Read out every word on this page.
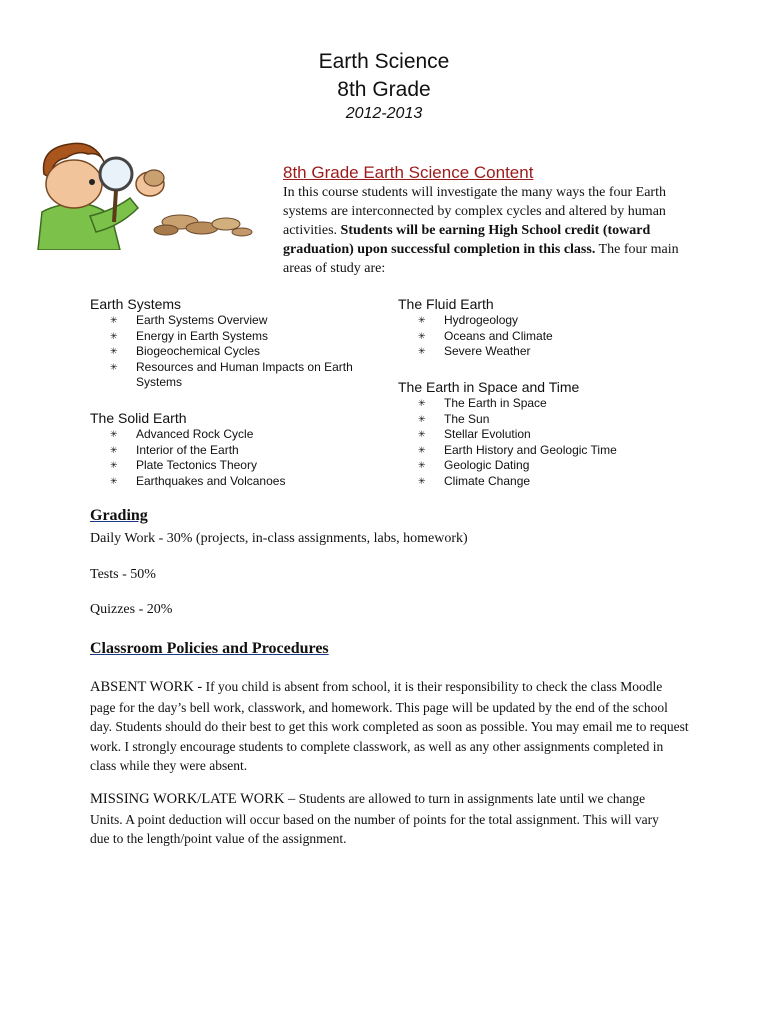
Earth Science
8th Grade
2012-2013
8th Grade Earth Science Content
In this course students will investigate the many ways the four Earth systems are interconnected by complex cycles and altered by human activities. Students will be earning High School credit (toward graduation) upon successful completion in this class. The four main areas of study are:
Earth Systems
✳ Earth Systems Overview
✳ Energy in Earth Systems
✳ Biogeochemical Cycles
✳ Resources and Human Impacts on Earth Systems
The Solid Earth
✳ Advanced Rock Cycle
✳ Interior of the Earth
✳ Plate Tectonics Theory
✳ Earthquakes and Volcanoes
The Fluid Earth
✳ Hydrogeology
✳ Oceans and Climate
✳ Severe Weather
The Earth in Space and Time
✳ The Earth in Space
✳ The Sun
✳ Stellar Evolution
✳ Earth History and Geologic Time
✳ Geologic Dating
✳ Climate Change
Grading
Daily Work - 30% (projects, in-class assignments, labs, homework)
Tests - 50%
Quizzes - 20%
Classroom Policies and Procedures
ABSENT WORK - If you child is absent from school, it is their responsibility to check the class Moodle page for the day’s bell work, classwork, and homework. This page will be updated by the end of the school day. Students should do their best to get this work completed as soon as possible. You may email me to request work. I strongly encourage students to complete classwork, as well as any other assignments completed in class while they were absent.
MISSING WORK/LATE WORK – Students are allowed to turn in assignments late until we change Units. A point deduction will occur based on the number of points for the total assignment. This will vary due to the length/point value of the assignment.
